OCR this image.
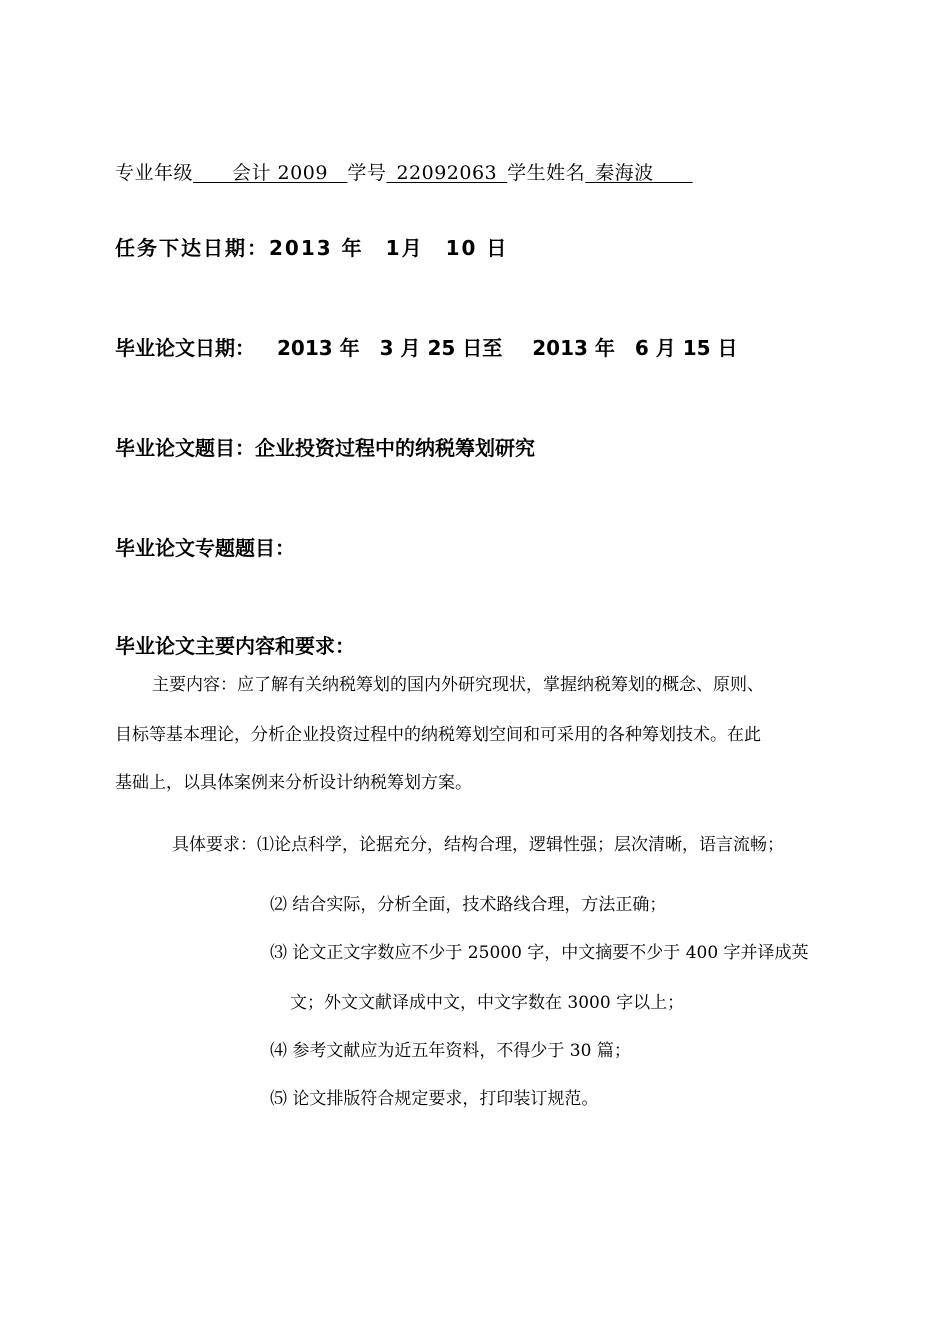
专业年级   会计 2009  学号  22092063  学生姓名  秦海波  
任务下达日期：2013 年  1月  10 日
毕业论文日期： 2013 年　3 月 25 日至 2013 年　6 月 15 日
毕业论文题目：企业投资过程中的纳税筹划研究
毕业论文专题题目：
毕业论文主要内容和要求：
主要内容：应了解有关纳税筹划的国内外研究现状，掌握纳税筹划的概念、原则、
目标等基本理论，分析企业投资过程中的纳税筹划空间和可采用的各种筹划技术。在此
基础上，以具体案例来分析设计纳税筹划方案。
具体要求：⑴论点科学，论据充分，结构合理，逻辑性强；层次清晰，语言流畅；
⑵ 结合实际，分析全面，技术路线合理，方法正确；
⑶ 论文正文字数应不少于 25000 字，中文摘要不少于 400 字并译成英
文；外文文献译成中文，中文字数在 3000 字以上；
⑷ 参考文献应为近五年资料，不得少于 30 篇；
⑸ 论文排版符合规定要求，打印装订规范。
